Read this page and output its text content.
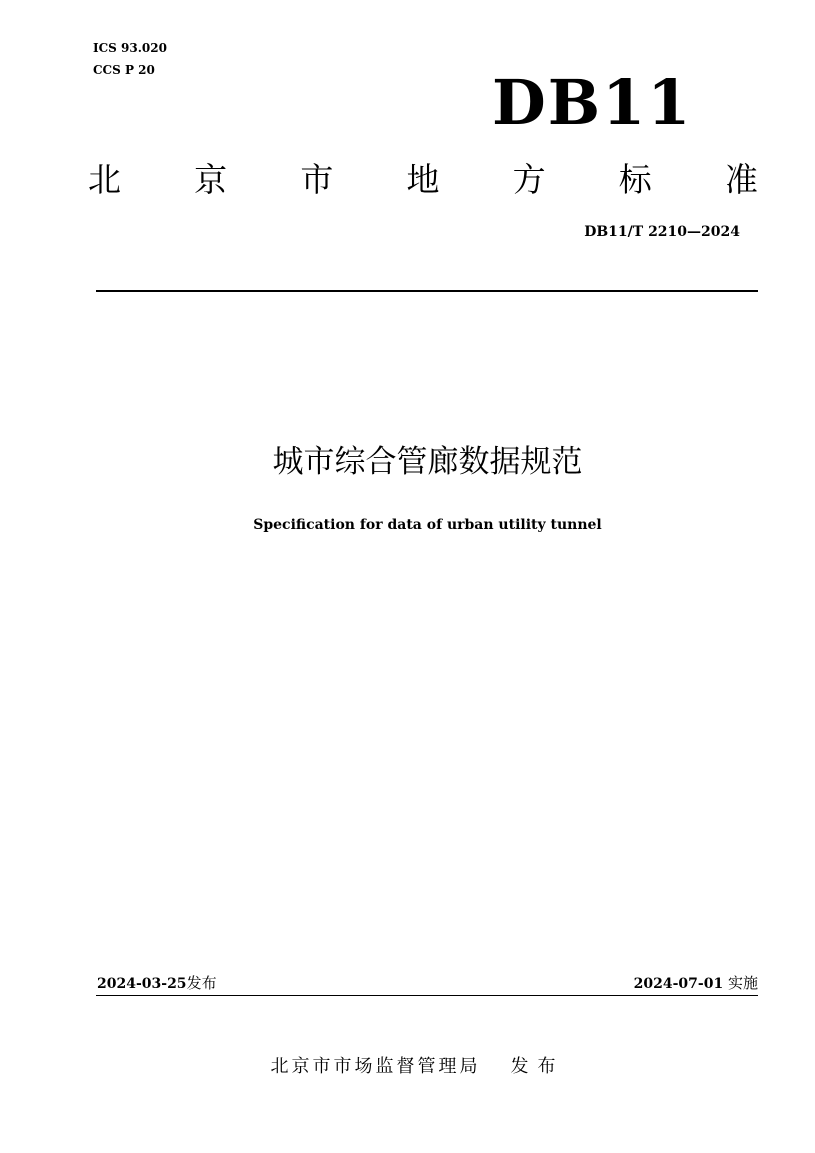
ICS 93.020
CCS P 20	DB11
北 京 市 地 方 标 准
DB11/T 2210—2024
城市综合管廊数据规范
Specification for data of urban utility tunnel
2024-03-25发布	2024-07-01 实施
北京市市场监督管理局 发布
